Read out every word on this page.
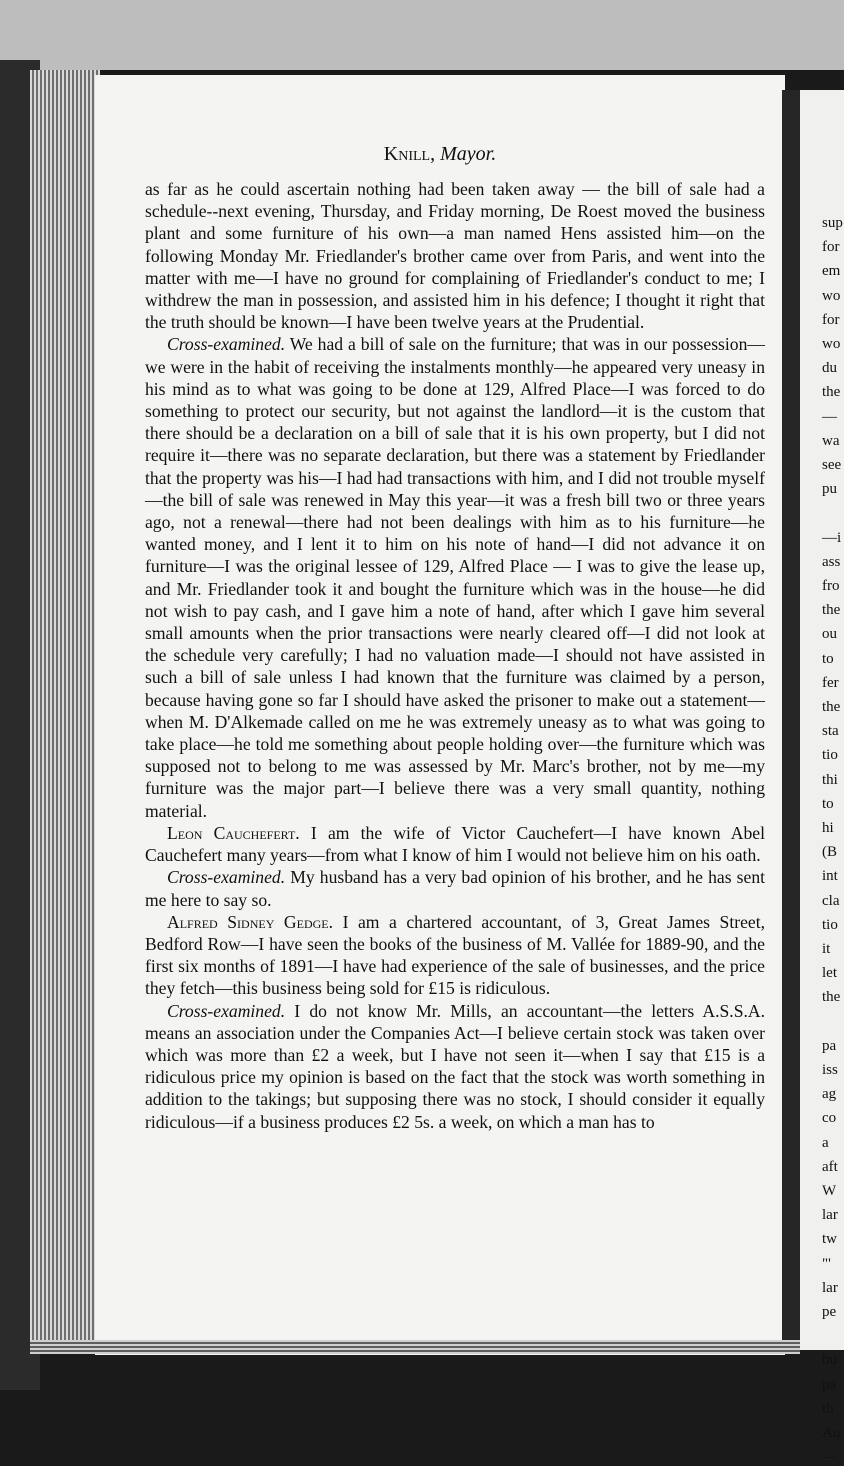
sup
for
em
wo
for
wo
du
the
—
wa
see
pu
—i
ass
fro
the
ou
to
fer
the
sta
tio
thi
to
hi
(B
int
cla
tio
it
let
the
pa
iss
ag
co
a
aft
W
lar
tw
"'
lar
pe
bu
pa
th
Au
—
Knill, Mayor.

as far as he could ascertain nothing had been taken away — the bill of sale had a schedule--next evening, Thursday, and Friday morning, De Roest moved the business plant and some furniture of his own—a man named Hens assisted him—on the following Monday Mr. Friedlander's brother came over from Paris, and went into the matter with me—I have no ground for complaining of Friedlander's conduct to me; I withdrew the man in possession, and assisted him in his defence; I thought it right that the truth should be known—I have been twelve years at the Prudential.

Cross-examined. We had a bill of sale on the furniture; that was in our possession—we were in the habit of receiving the instalments monthly—he appeared very uneasy in his mind as to what was going to be done at 129, Alfred Place—I was forced to do something to protect our security, but not against the landlord—it is the custom that there should be a declaration on a bill of sale that it is his own property, but I did not require it—there was no separate declaration, but there was a statement by Friedlander that the property was his—I had had transactions with him, and I did not trouble myself—the bill of sale was renewed in May this year—it was a fresh bill two or three years ago, not a renewal—there had not been dealings with him as to his furniture—he wanted money, and I lent it to him on his note of hand—I did not advance it on furniture—I was the original lessee of 129, Alfred Place — I was to give the lease up, and Mr. Friedlander took it and bought the furniture which was in the house—he did not wish to pay cash, and I gave him a note of hand, after which I gave him several small amounts when the prior transactions were nearly cleared off—I did not look at the schedule very carefully; I had no valuation made—I should not have assisted in such a bill of sale unless I had known that the furniture was claimed by a person, because having gone so far I should have asked the prisoner to make out a statement—when M. D'Alkemade called on me he was extremely uneasy as to what was going to take place—he told me something about people holding over—the furniture which was supposed not to belong to me was assessed by Mr. Marc's brother, not by me—my furniture was the major part—I believe there was a very small quantity, nothing material.

Leon Cauchefert. I am the wife of Victor Cauchefert—I have known Abel Cauchefert many years—from what I know of him I would not believe him on his oath.

Cross-examined. My husband has a very bad opinion of his brother, and he has sent me here to say so.

Alfred Sidney Gedge. I am a chartered accountant, of 3, Great James Street, Bedford Row—I have seen the books of the business of M. Vallée for 1889-90, and the first six months of 1891—I have had experience of the sale of businesses, and the price they fetch—this business being sold for £15 is ridiculous.

Cross-examined. I do not know Mr. Mills, an accountant—the letters A.S.S.A. means an association under the Companies Act—I believe certain stock was taken over which was more than £2 a week, but I have not seen it—when I say that £15 is a ridiculous price my opinion is based on the fact that the stock was worth something in addition to the takings; but supposing there was no stock, I should consider it equally ridiculous—if a business produces £2 5s. a week, on which a man has to
